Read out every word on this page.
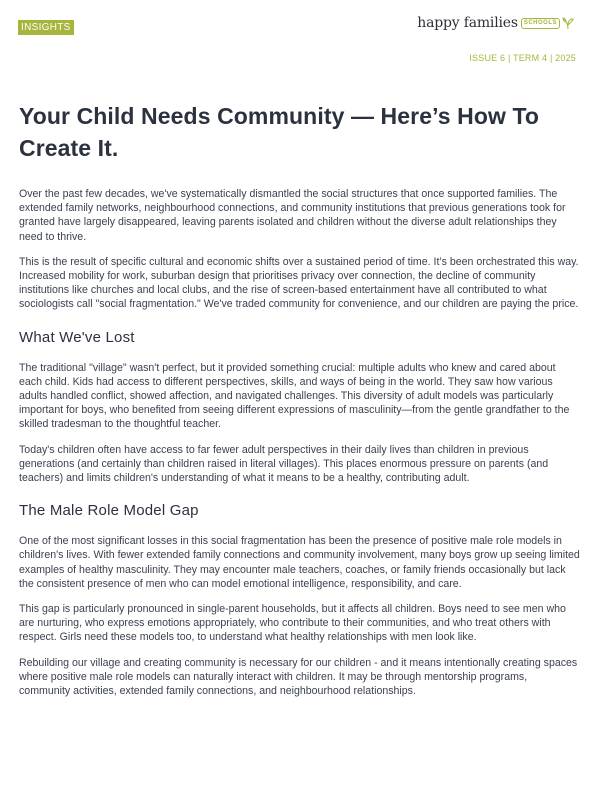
INSIGHTS	happy families	SCHOOLS
ISSUE 6 | TERM 4 | 2025
Your Child Needs Community — Here’s How To Create It.

Over the past few decades, we've systematically dismantled the social structures that once supported families. The extended family networks, neighbourhood connections, and community institutions that previous generations took for granted have largely disappeared, leaving parents isolated and children without the diverse adult relationships they need to thrive.

This is the result of specific cultural and economic shifts over a sustained period of time. It’s been orchestrated this way. Increased mobility for work, suburban design that prioritises privacy over connection, the decline of community institutions like churches and local clubs, and the rise of screen-based entertainment have all contributed to what sociologists call "social fragmentation." We've traded community for convenience, and our children are paying the price.

What We've Lost

The traditional "village" wasn't perfect, but it provided something crucial: multiple adults who knew and cared about each child. Kids had access to different perspectives, skills, and ways of being in the world. They saw how various adults handled conflict, showed affection, and navigated challenges. This diversity of adult models was particularly important for boys, who benefited from seeing different expressions of masculinity—from the gentle grandfather to the skilled tradesman to the thoughtful teacher.

Today's children often have access to far fewer adult perspectives in their daily lives than children in previous generations (and certainly than children raised in literal villages). This places enormous pressure on parents (and teachers) and limits children's understanding of what it means to be a healthy, contributing adult.

The Male Role Model Gap

One of the most significant losses in this social fragmentation has been the presence of positive male role models in children's lives. With fewer extended family connections and community involvement, many boys grow up seeing limited examples of healthy masculinity. They may encounter male teachers, coaches, or family friends occasionally but lack the consistent presence of men who can model emotional intelligence, responsibility, and care.

This gap is particularly pronounced in single-parent households, but it affects all children. Boys need to see men who are nurturing, who express emotions appropriately, who contribute to their communities, and who treat others with respect. Girls need these models too, to understand what healthy relationships with men look like.

Rebuilding our village and creating community is necessary for our children - and it means intentionally creating spaces where positive male role models can naturally interact with children. It may be through mentorship programs, community activities, extended family connections, and neighbourhood relationships.
